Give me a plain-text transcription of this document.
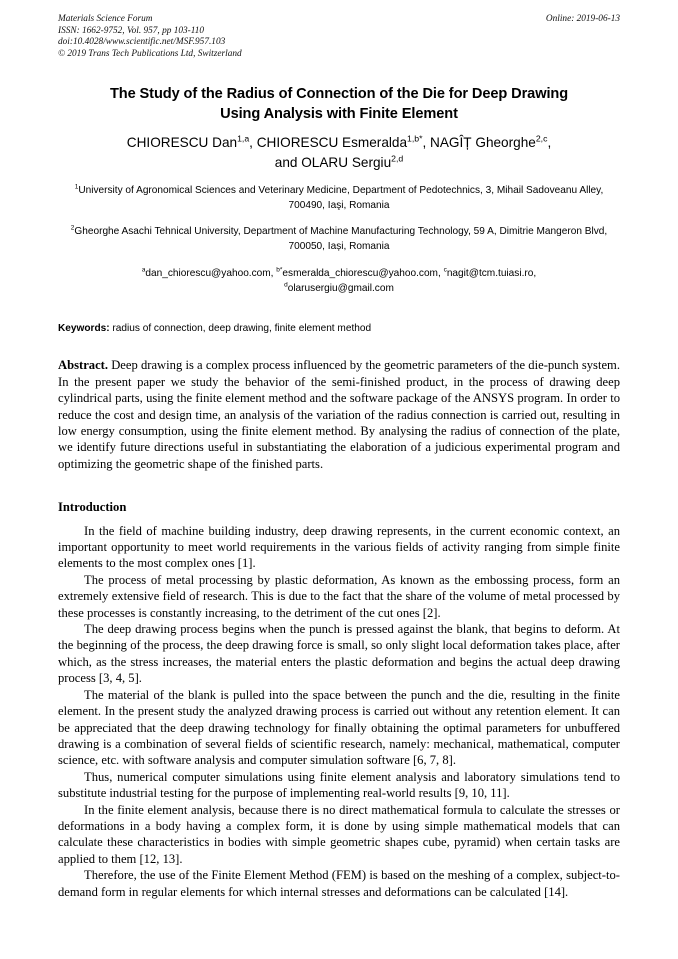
Online: 2019-06-13
Materials Science Forum
ISSN: 1662-9752, Vol. 957, pp 103-110
doi:10.4028/www.scientific.net/MSF.957.103
© 2019 Trans Tech Publications Ltd, Switzerland
The Study of the Radius of Connection of the Die for Deep Drawing
Using Analysis with Finite Element
CHIORESCU Dan$^{1,a}$, CHIORESCU Esmeralda$^{1,b*}$, NAGÎȚ Gheorghe$^{2,c}$,
and OLARU Sergiu$^{2,d}$
$^1$University of Agronomical Sciences and Veterinary Medicine, Department of Pedotechnics, 3, Mihail Sadoveanu Alley, 700490, Iaşi, Romania
$^2$Gheorghe Asachi Tehnical University, Department of Machine Manufacturing Technology, 59 A, Dimitrie Mangeron Blvd, 700050, Iași, Romania
$^a$dan_chiorescu@yahoo.com, $^{b*}$esmeralda_chiorescu@yahoo.com, $^c$nagit@tcm.tuiasi.ro,
$^d$olarusergiu@gmail.com
Keywords: radius of connection, deep drawing, finite element method
Abstract. Deep drawing is a complex process influenced by the geometric parameters of the die-punch system. In the present paper we study the behavior of the semi-finished product, in the process of drawing deep cylindrical parts, using the finite element method and the software package of the ANSYS program. In order to reduce the cost and design time, an analysis of the variation of the radius connection is carried out, resulting in low energy consumption, using the finite element method. By analysing the radius of connection of the plate, we identify future directions useful in substantiating the elaboration of a judicious experimental program and optimizing the geometric shape of the finished parts.
Introduction

In the field of machine building industry, deep drawing represents, in the current economic context, an important opportunity to meet world requirements in the various fields of activity ranging from simple finite elements to the most complex ones [1].

The process of metal processing by plastic deformation, As known as the embossing process, form an extremely extensive field of research. This is due to the fact that the share of the volume of metal processed by these processes is constantly increasing, to the detriment of the cut ones [2].

The deep drawing process begins when the punch is pressed against the blank, that begins to deform. At the beginning of the process, the deep drawing force is small, so only slight local deformation takes place, after which, as the stress increases, the material enters the plastic deformation and begins the actual deep drawing process [3, 4, 5].

The material of the blank is pulled into the space between the punch and the die, resulting in the finite element. In the present study the analyzed drawing process is carried out without any retention element. It can be appreciated that the deep drawing technology for finally obtaining the optimal parameters for unbuffered drawing is a combination of several fields of scientific research, namely: mechanical, mathematical, computer science, etc. with software analysis and computer simulation software [6, 7, 8].

Thus, numerical computer simulations using finite element analysis and laboratory simulations tend to substitute industrial testing for the purpose of implementing real-world results [9, 10, 11].

In the finite element analysis, because there is no direct mathematical formula to calculate the stresses or deformations in a body having a complex form, it is done by using simple mathematical models that can calculate these characteristics in bodies with simple geometric shapes cube, pyramid) when certain tasks are applied to them [12, 13].

Therefore, the use of the Finite Element Method (FEM) is based on the meshing of a complex, subject-to-demand form in regular elements for which internal stresses and deformations can be calculated [14].
